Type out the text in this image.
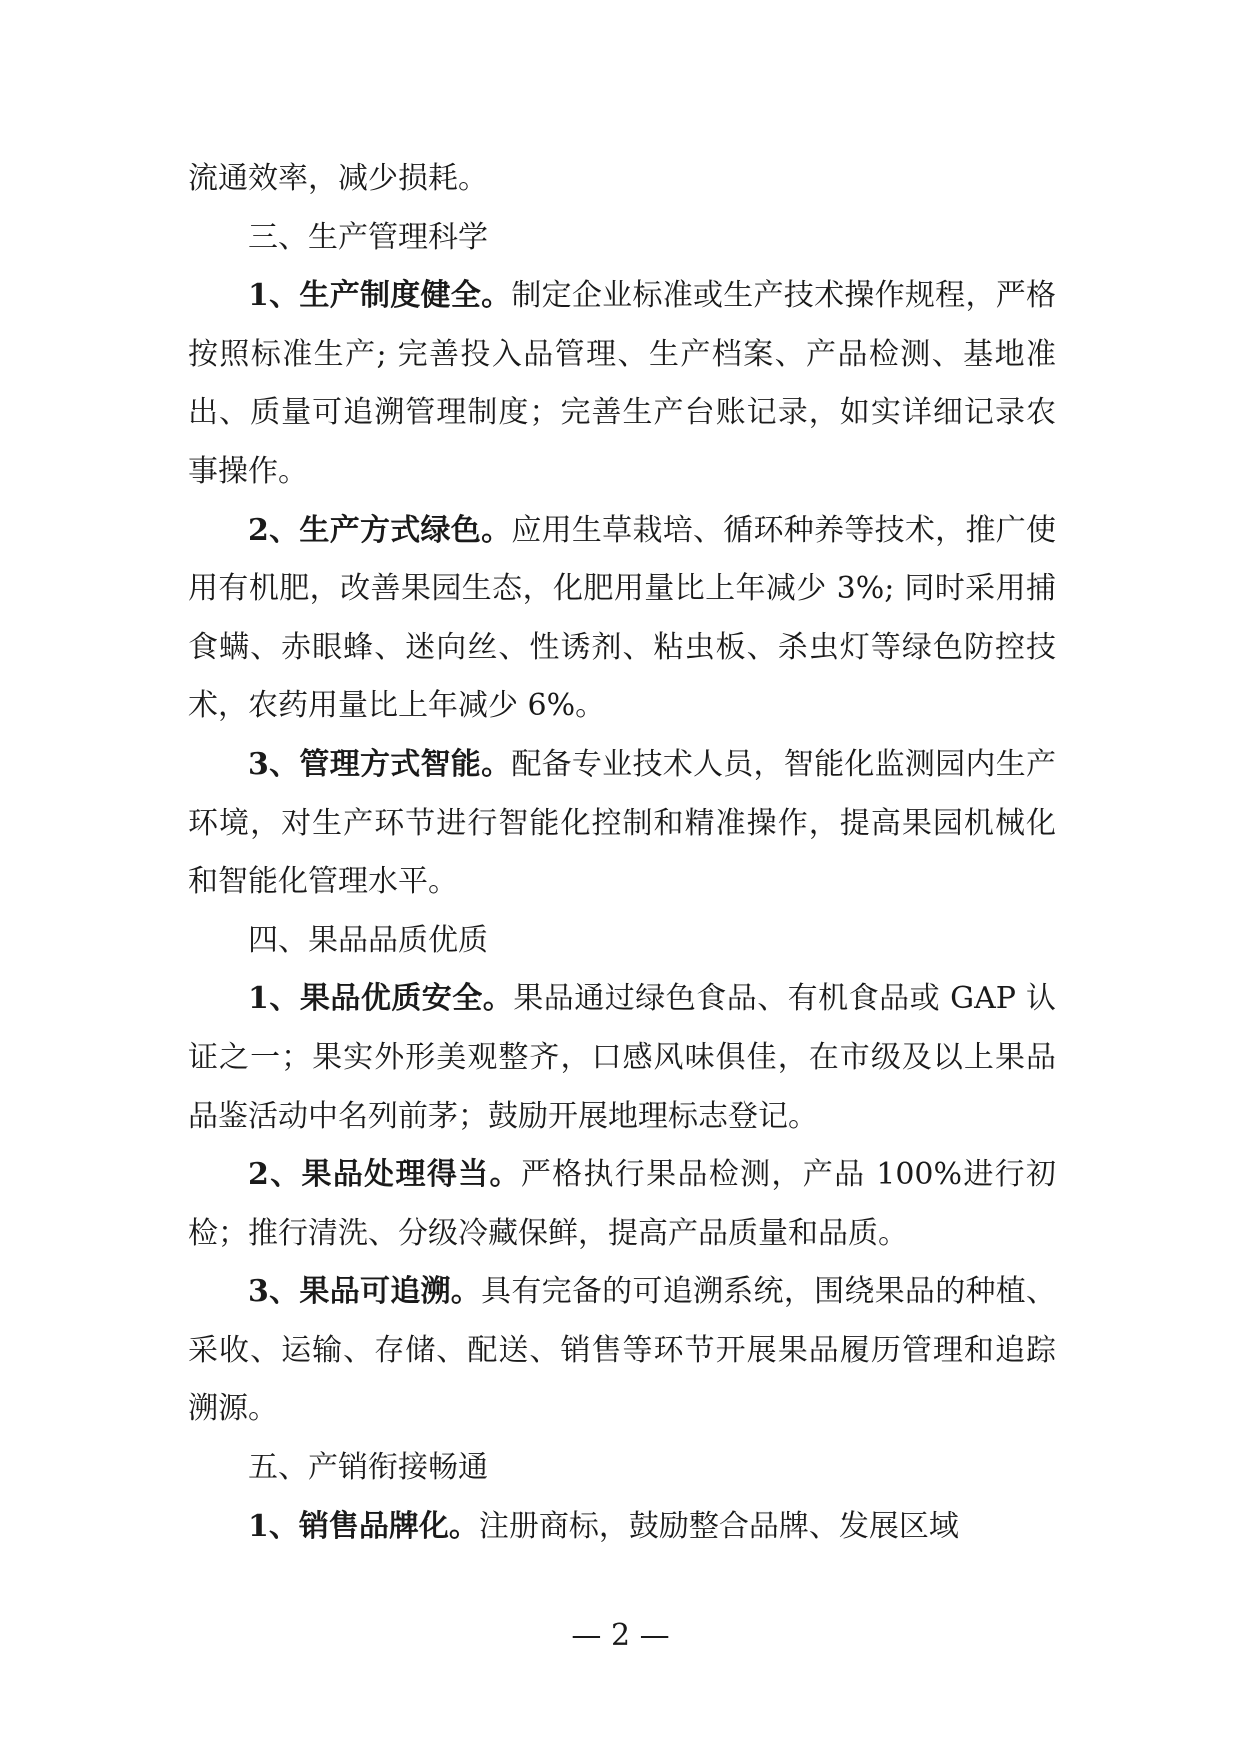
流通效率，减少损耗。

三、生产管理科学

1、生产制度健全。制定企业标准或生产技术操作规程，严格按照标准生产; 完善投入品管理、生产档案、产品检测、基地准出、质量可追溯管理制度；完善生产台账记录，如实详细记录农事操作。

2、生产方式绿色。应用生草栽培、循环种养等技术，推广使用有机肥，改善果园生态，化肥用量比上年减少 3%; 同时采用捕食螨、赤眼蜂、迷向丝、性诱剂、粘虫板、杀虫灯等绿色防控技术，农药用量比上年减少 6%。

3、管理方式智能。配备专业技术人员，智能化监测园内生产环境，对生产环节进行智能化控制和精准操作，提高果园机械化和智能化管理水平。

四、果品品质优质

1、果品优质安全。果品通过绿色食品、有机食品或 GAP 认证之一；果实外形美观整齐，口感风味俱佳，在市级及以上果品品鉴活动中名列前茅；鼓励开展地理标志登记。

2、果品处理得当。严格执行果品检测，产品 100%进行初检；推行清洗、分级冷藏保鲜，提高产品质量和品质。

3、果品可追溯。具有完备的可追溯系统，围绕果品的种植、采收、运输、存储、配送、销售等环节开展果品履历管理和追踪溯源。

五、产销衔接畅通

1、销售品牌化。注册商标，鼓励整合品牌、发展区域

— 2 —
